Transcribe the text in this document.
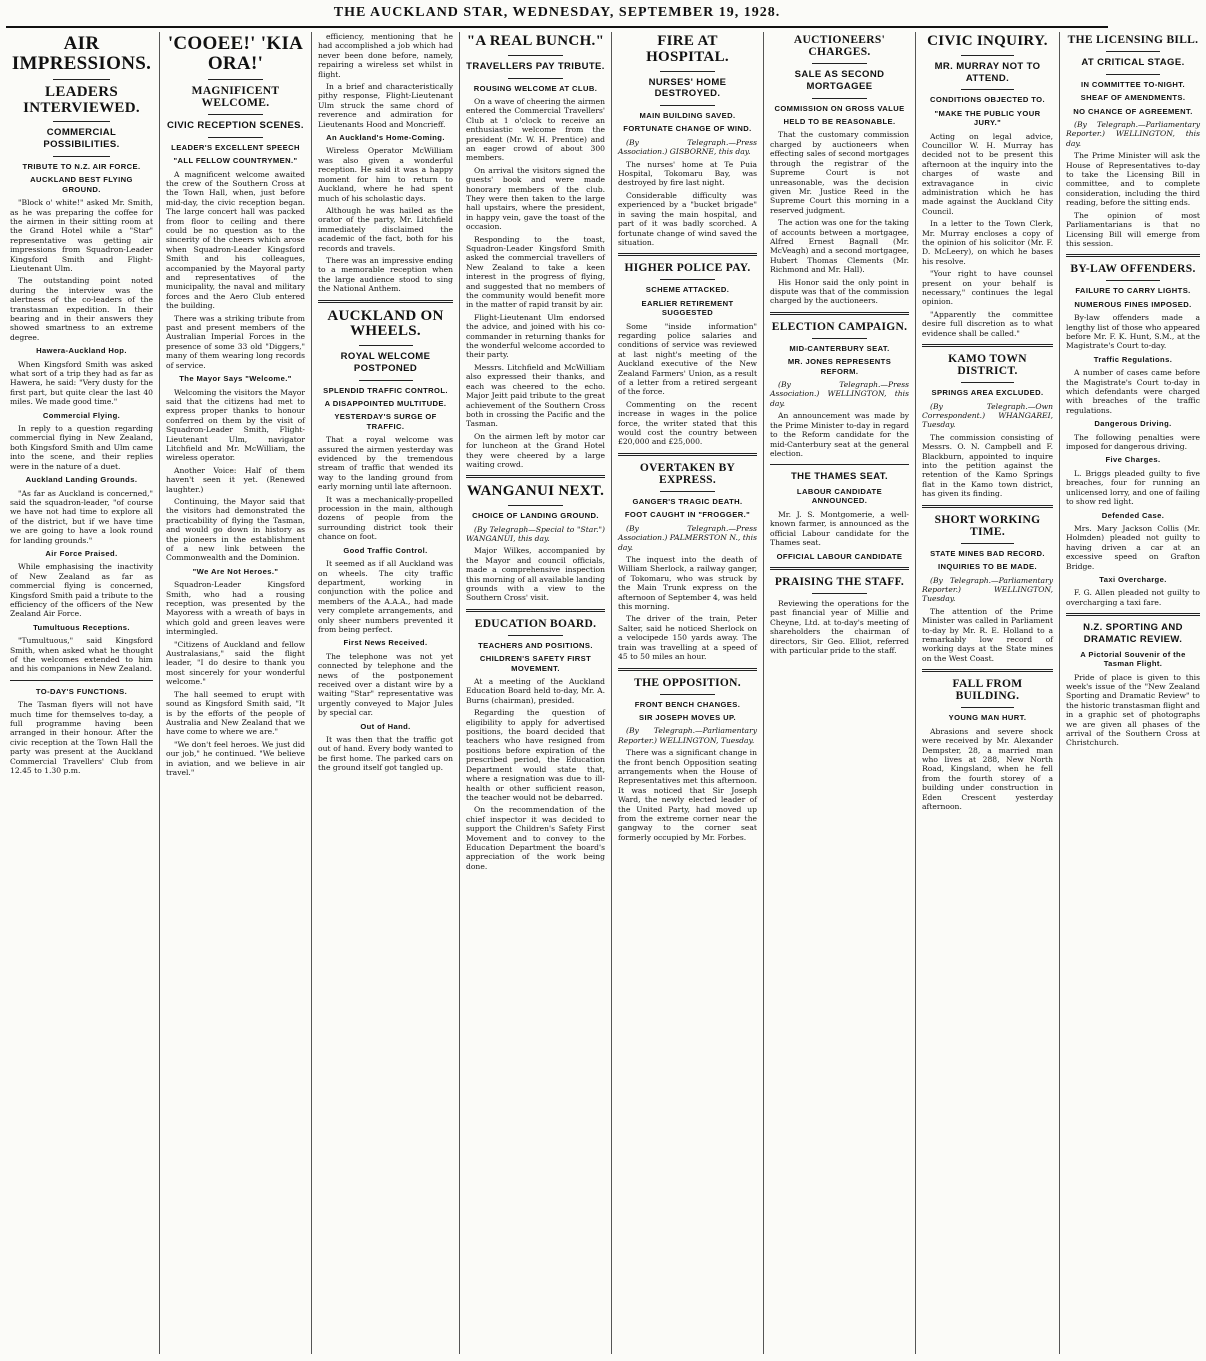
THE AUCKLAND STAR, WEDNESDAY, SEPTEMBER 19, 1928.
AIR IMPRESSIONS.
LEADERS INTERVIEWED.
COMMERCIAL POSSIBILITIES.
TRIBUTE TO N.Z. AIR FORCE.
AUCKLAND BEST FLYING GROUND.

"Block o' white!" asked Mr. Smith, as he was preparing the coffee for the airmen in their sitting room at the Grand Hotel while a "Star" representative was getting air impressions from Squadron-Leader Kingsford Smith and Flight-Lieutenant Ulm.

The outstanding point noted during the interview was the alertness of the co-leaders of the transtasman expedition. In their bearing and in their answers they showed smartness to an extreme degree.

Hawera-Auckland Hop.

When Kingsford Smith was asked what sort of a trip they had as far as Hawera, he said: "Very dusty for the first part, but quite clear the last 40 miles. We made good time."

Commercial Flying.

In reply to a question regarding commercial flying in New Zealand, both Kingsford Smith and Ulm came into the scene, and their replies were in the nature of a duet.

Auckland Landing Grounds.

"As far as Auckland is concerned," said the squadron-leader, "of course we have not had time to explore all of the district, but if we have time we are going to have a look round for landing grounds."

Air Force Praised.

While emphasising the inactivity of New Zealand as far as commercial flying is concerned, Kingsford Smith paid a tribute to the efficiency of the officers of the New Zealand Air Force.

Tumultuous Receptions.

"Tumultuous," said Kingsford Smith, when asked what he thought of the welcomes extended to him and his companions in New Zealand.

TO-DAY'S FUNCTIONS.

The Tasman flyers will not have much time for themselves to-day, a full programme having been arranged in their honour. After the civic reception at the Town Hall the party was present at the Auckland Commercial Travellers' Club from 12.45 to 1.30 p.m.

'COOEE!' 'KIA ORA!'
MAGNIFICENT WELCOME.
CIVIC RECEPTION SCENES.
LEADER'S EXCELLENT SPEECH
"ALL FELLOW COUNTRYMEN."

A magnificent welcome awaited the crew of the Southern Cross at the Town Hall, when, just before mid-day, the civic reception began. The large concert hall was packed from floor to ceiling and there could be no question as to the sincerity of the cheers which arose when Squadron-Leader Kingsford Smith and his colleagues, accompanied by the Mayoral party and representatives of the municipality, the naval and military forces and the Aero Club entered the building.

There was a striking tribute from past and present members of the Australian Imperial Forces in the presence of some 33 old "Diggers," many of them wearing long records of service.

The Mayor Says "Welcome."

Welcoming the visitors the Mayor said that the citizens had met to express proper thanks to honour conferred on them by the visit of Squadron-Leader Smith, Flight-Lieutenant Ulm, navigator Litchfield and Mr. McWilliam, the wireless operator.

Another Voice: Half of them haven't seen it yet. (Renewed laughter.)

Continuing, the Mayor said that the visitors had demonstrated the practicability of flying the Tasman, and would go down in history as the pioneers in the establishment of a new link between the Commonwealth and the Dominion.

"We Are Not Heroes."

Squadron-Leader Kingsford Smith, who had a rousing reception, was presented by the Mayoress with a wreath of bays in which gold and green leaves were intermingled.

"Citizens of Auckland and fellow Australasians," said the flight leader, "I do desire to thank you most sincerely for your wonderful welcome."

The hall seemed to erupt with sound as Kingsford Smith said, "It is by the efforts of the people of Australia and New Zealand that we have come to where we are."

"We don't feel heroes. We just did our job," he continued. "We believe in aviation, and we believe in air travel."

efficiency, mentioning that he had accomplished a job which had never been done before, namely, repairing a wireless set whilst in flight.

In a brief and characteristically pithy response, Flight-Lieutenant Ulm struck the same chord of reverence and admiration for Lieutenants Hood and Moncrieff.

An Auckland's Home-Coming.

Wireless Operator McWilliam was also given a wonderful reception. He said it was a happy moment for him to return to Auckland, where he had spent much of his scholastic days.

Although he was hailed as the orator of the party, Mr. Litchfield immediately disclaimed the academic of the fact, both for his records and travels.

There was an impressive ending to a memorable reception when the large audience stood to sing the National Anthem.

AUCKLAND ON WHEELS.
ROYAL WELCOME POSTPONED
SPLENDID TRAFFIC CONTROL.
A DISAPPOINTED MULTITUDE.
YESTERDAY'S SURGE OF TRAFFIC.

That a royal welcome was assured the airmen yesterday was evidenced by the tremendous stream of traffic that wended its way to the landing ground from early morning until late afternoon.

It was a mechanically-propelled procession in the main, although dozens of people from the surrounding district took their chance on foot.

Good Traffic Control.

It seemed as if all Auckland was on wheels. The city traffic department, working in conjunction with the police and members of the A.A.A., had made very complete arrangements, and only sheer numbers prevented it from being perfect.

First News Received.

The telephone was not yet connected by telephone and the news of the postponement received over a distant wire by a waiting "Star" representative was urgently conveyed to Major Jules by special car.

Out of Hand.

It was then that the traffic got out of hand. Every body wanted to be first home. The parked cars on the ground itself got tangled up.

"A REAL BUNCH."
TRAVELLERS PAY TRIBUTE.
ROUSING WELCOME AT CLUB.

On a wave of cheering the airmen entered the Commercial Travellers' Club at 1 o'clock to receive an enthusiastic welcome from the president (Mr. W. H. Prentice) and an eager crowd of about 300 members.

On arrival the visitors signed the guests' book and were made honorary members of the club. They were then taken to the large hall upstairs, where the president, in happy vein, gave the toast of the occasion.

Responding to the toast, Squadron-Leader Kingsford Smith asked the commercial travellers of New Zealand to take a keen interest in the progress of flying, and suggested that no members of the community would benefit more in the matter of rapid transit by air.

Flight-Lieutenant Ulm endorsed the advice, and joined with his co-commander in returning thanks for the wonderful welcome accorded to their party.

Messrs. Litchfield and McWilliam also expressed their thanks, and each was cheered to the echo. Major Jeitt paid tribute to the great achievement of the Southern Cross both in crossing the Pacific and the Tasman.

On the airmen left by motor car for luncheon at the Grand Hotel they were cheered by a large waiting crowd.

WANGANUI NEXT.
CHOICE OF LANDING GROUND.

(By Telegraph—Special to "Star.") WANGANUI, this day.

Major Wilkes, accompanied by the Mayor and council officials, made a comprehensive inspection this morning of all available landing grounds with a view to the Southern Cross' visit.

EDUCATION BOARD.
TEACHERS AND POSITIONS.
CHILDREN'S SAFETY FIRST MOVEMENT.

At a meeting of the Auckland Education Board held to-day, Mr. A. Burns (chairman), presided.

Regarding the question of eligibility to apply for advertised positions, the board decided that teachers who have resigned from positions before expiration of the prescribed period, the Education Department would state that, where a resignation was due to ill-health or other sufficient reason, the teacher would not be debarred.

On the recommendation of the chief inspector it was decided to support the Children's Safety First Movement and to convey to the Education Department the board's appreciation of the work being done.

FIRE AT HOSPITAL.
NURSES' HOME DESTROYED.
MAIN BUILDING SAVED.
FORTUNATE CHANGE OF WIND.

(By Telegraph.—Press Association.) GISBORNE, this day.

The nurses' home at Te Puia Hospital, Tokomaru Bay, was destroyed by fire last night.

Considerable difficulty was experienced by a "bucket brigade" in saving the main hospital, and part of it was badly scorched. A fortunate change of wind saved the situation.

HIGHER POLICE PAY.
SCHEME ATTACKED.
EARLIER RETIREMENT SUGGESTED

Some "inside information" regarding police salaries and conditions of service was reviewed at last night's meeting of the Auckland executive of the New Zealand Farmers' Union, as a result of a letter from a retired sergeant of the force.

Commenting on the recent increase in wages in the police force, the writer stated that this would cost the country between £20,000 and £25,000.

OVERTAKEN BY EXPRESS.
GANGER'S TRAGIC DEATH.
FOOT CAUGHT IN "FROGGER."

(By Telegraph.—Press Association.) PALMERSTON N., this day.

The inquest into the death of William Sherlock, a railway ganger, of Tokomaru, who was struck by the Main Trunk express on the afternoon of September 4, was held this morning.

The driver of the train, Peter Salter, said he noticed Sherlock on a velocipede 150 yards away. The train was travelling at a speed of 45 to 50 miles an hour.

THE OPPOSITION.
FRONT BENCH CHANGES.
SIR JOSEPH MOVES UP.

(By Telegraph.—Parliamentary Reporter.) WELLINGTON, Tuesday.

There was a significant change in the front bench Opposition seating arrangements when the House of Representatives met this afternoon. It was noticed that Sir Joseph Ward, the newly elected leader of the United Party, had moved up from the extreme corner near the gangway to the corner seat formerly occupied by Mr. Forbes.

AUCTIONEERS' CHARGES.
SALE AS SECOND MORTGAGEE
COMMISSION ON GROSS VALUE
HELD TO BE REASONABLE.

That the customary commission charged by auctioneers when effecting sales of second mortgages through the registrar of the Supreme Court is not unreasonable, was the decision given Mr. Justice Reed in the Supreme Court this morning in a reserved judgment.

The action was one for the taking of accounts between a mortgagee, Alfred Ernest Bagnall (Mr. McVeagh) and a second mortgagee, Hubert Thomas Clements (Mr. Richmond and Mr. Hall).

His Honor said the only point in dispute was that of the commission charged by the auctioneers.

ELECTION CAMPAIGN.
MID-CANTERBURY SEAT.
MR. JONES REPRESENTS REFORM.

(By Telegraph.—Press Association.) WELLINGTON, this day.

An announcement was made by the Prime Minister to-day in regard to the Reform candidate for the mid-Canterbury seat at the general election.

THE THAMES SEAT.
LABOUR CANDIDATE ANNOUNCED.

Mr. J. S. Montgomerie, a well-known farmer, is announced as the official Labour candidate for the Thames seat.

OFFICIAL LABOUR CANDIDATE
PRAISING THE STAFF.

Reviewing the operations for the past financial year of Millie and Cheyne, Ltd. at to-day's meeting of shareholders the chairman of directors, Sir Geo. Elliot, referred with particular pride to the staff.

CIVIC INQUIRY.
MR. MURRAY NOT TO ATTEND.
CONDITIONS OBJECTED TO.
"MAKE THE PUBLIC YOUR JURY."

Acting on legal advice, Councillor W. H. Murray has decided not to be present this afternoon at the inquiry into the charges of waste and extravagance in civic administration which he has made against the Auckland City Council.

In a letter to the Town Clerk, Mr. Murray encloses a copy of the opinion of his solicitor (Mr. F. D. McLeery), on which he bases his resolve.

"Your right to have counsel present on your behalf is necessary," continues the legal opinion.

"Apparently the committee desire full discretion as to what evidence shall be called."

KAMO TOWN DISTRICT.
SPRINGS AREA EXCLUDED.

(By Telegraph.—Own Correspondent.) WHANGAREI, Tuesday.

The commission consisting of Messrs. O. N. Campbell and F. Blackburn, appointed to inquire into the petition against the retention of the Kamo Springs flat in the Kamo town district, has given its finding.

SHORT WORKING TIME.
STATE MINES BAD RECORD.
INQUIRIES TO BE MADE.

(By Telegraph.—Parliamentary Reporter.) WELLINGTON, Tuesday.

The attention of the Prime Minister was called in Parliament to-day by Mr. R. E. Holland to a remarkably low record of working days at the State mines on the West Coast.

FALL FROM BUILDING.
YOUNG MAN HURT.

Abrasions and severe shock were received by Mr. Alexander Dempster, 28, a married man who lives at 288, New North Road, Kingsland, when he fell from the fourth storey of a building under construction in Eden Crescent yesterday afternoon.

THE LICENSING BILL.
AT CRITICAL STAGE.
IN COMMITTEE TO-NIGHT.
SHEAF OF AMENDMENTS.
NO CHANCE OF AGREEMENT.

(By Telegraph.—Parliamentary Reporter.) WELLINGTON, this day.

The Prime Minister will ask the House of Representatives to-day to take the Licensing Bill in committee, and to complete consideration, including the third reading, before the sitting ends.

The opinion of most Parliamentarians is that no Licensing Bill will emerge from this session.

BY-LAW OFFENDERS.
FAILURE TO CARRY LIGHTS.
NUMEROUS FINES IMPOSED.

By-law offenders made a lengthy list of those who appeared before Mr. F. K. Hunt, S.M., at the Magistrate's Court to-day.

Traffic Regulations.

A number of cases came before the Magistrate's Court to-day in which defendants were charged with breaches of the traffic regulations.

Dangerous Driving.

The following penalties were imposed for dangerous driving.

Five Charges.

L. Briggs pleaded guilty to five breaches, four for running an unlicensed lorry, and one of failing to show red light.

Defended Case.

Mrs. Mary Jackson Collis (Mr. Holmden) pleaded not guilty to having driven a car at an excessive speed on Grafton Bridge.

Taxi Overcharge.

F. G. Allen pleaded not guilty to overcharging a taxi fare.

N.Z. SPORTING AND DRAMATIC REVIEW.
A Pictorial Souvenir of the Tasman Flight.

Pride of place is given to this week's issue of the "New Zealand Sporting and Dramatic Review" to the historic transtasman flight and in a graphic set of photographs we are given all phases of the arrival of the Southern Cross at Christchurch.
